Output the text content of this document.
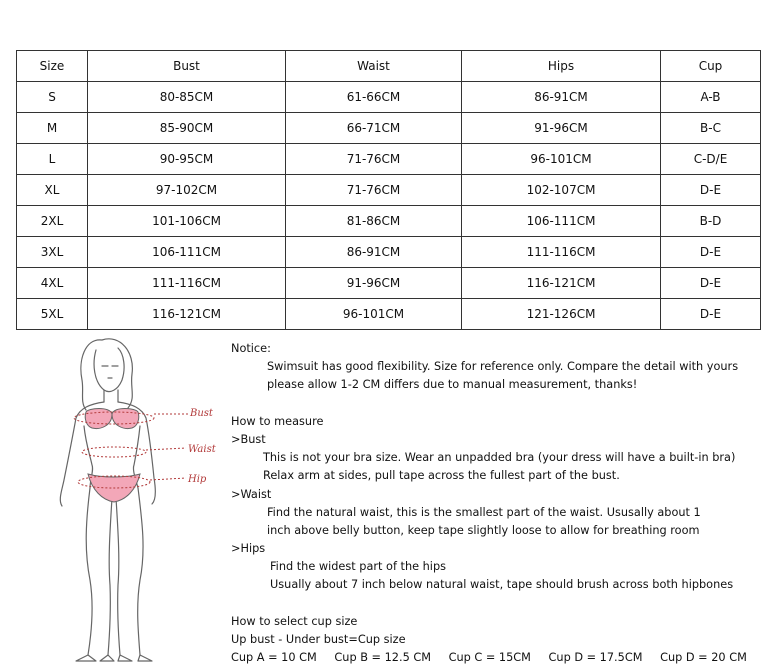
Size	Bust	Waist	Hips	Cup
S	80-85CM	61-66CM	86-91CM	A-B
M	85-90CM	66-71CM	91-96CM	B-C
L	90-95CM	71-76CM	96-101CM	C-D/E
XL	97-102CM	71-76CM	102-107CM	D-E
2XL	101-106CM	81-86CM	106-111CM	B-D
3XL	106-111CM	86-91CM	111-116CM	D-E
4XL	111-116CM	91-96CM	116-121CM	D-E
5XL	116-121CM	96-101CM	121-126CM	D-E
Bust
Waist
Hip
Notice:
Swimsuit has good flexibility. Size for reference only. Compare the detail with yours
please allow 1-2 CM differs due to manual measurement, thanks!
How to measure
>Bust
This is not your bra size. Wear an unpadded bra (your dress will have a built-in bra)
Relax arm at sides, pull tape across the fullest part of the bust.
>Waist
Find the natural waist, this is the smallest part of the waist. Ususally about 1
inch above belly button, keep tape slightly loose to allow for breathing room
>Hips
Find the widest part of the hips
Usually about 7 inch below natural waist, tape should brush across both hipbones
How to select cup size
Up bust - Under bust=Cup size
Cup A = 10 CM Cup B = 12.5 CM Cup C = 15CM Cup D = 17.5CM Cup D = 20 CM
